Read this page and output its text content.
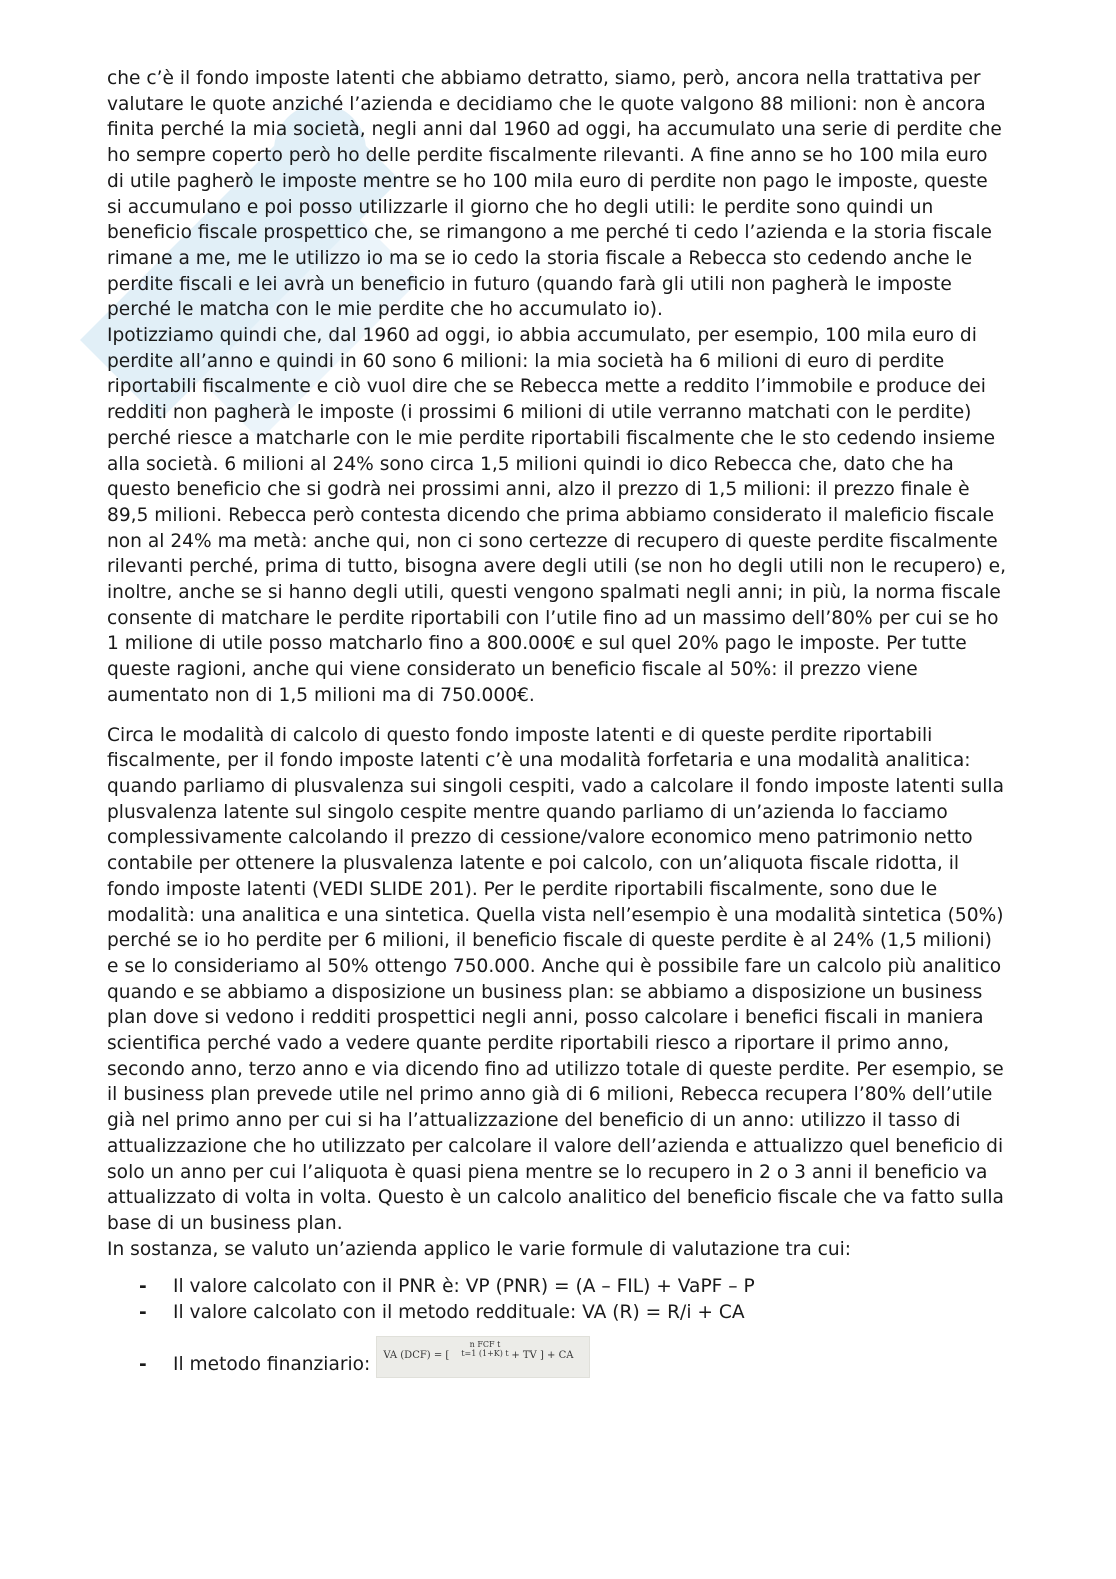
che c’è il fondo imposte latenti che abbiamo detratto, siamo, però, ancora nella trattativa per valutare le quote anziché l’azienda e decidiamo che le quote valgono 88 milioni: non è ancora finita perché la mia società, negli anni dal 1960 ad oggi, ha accumulato una serie di perdite che ho sempre coperto però ho delle perdite fiscalmente rilevanti. A fine anno se ho 100 mila euro di utile pagherò le imposte mentre se ho 100 mila euro di perdite non pago le imposte, queste si accumulano e poi posso utilizzarle il giorno che ho degli utili: le perdite sono quindi un beneficio fiscale prospettico che, se rimangono a me perché ti cedo l’azienda e la storia fiscale rimane a me, me le utilizzo io ma se io cedo la storia fiscale a Rebecca sto cedendo anche le perdite fiscali e lei avrà un beneficio in futuro (quando farà gli utili non pagherà le imposte perché le matcha con le mie perdite che ho accumulato io).

Ipotizziamo quindi che, dal 1960 ad oggi, io abbia accumulato, per esempio, 100 mila euro di perdite all’anno e quindi in 60 sono 6 milioni: la mia società ha 6 milioni di euro di perdite riportabili fiscalmente e ciò vuol dire che se Rebecca mette a reddito l’immobile e produce dei redditi non pagherà le imposte (i prossimi 6 milioni di utile verranno matchati con le perdite) perché riesce a matcharle con le mie perdite riportabili fiscalmente che le sto cedendo insieme alla società. 6 milioni al 24% sono circa 1,5 milioni quindi io dico Rebecca che, dato che ha questo beneficio che si godrà nei prossimi anni, alzo il prezzo di 1,5 milioni: il prezzo finale è 89,5 milioni. Rebecca però contesta dicendo che prima abbiamo considerato il maleficio fiscale non al 24% ma metà: anche qui, non ci sono certezze di recupero di queste perdite fiscalmente rilevanti perché, prima di tutto, bisogna avere degli utili (se non ho degli utili non le recupero) e, inoltre, anche se si hanno degli utili, questi vengono spalmati negli anni; in più, la norma fiscale consente di matchare le perdite riportabili con l’utile fino ad un massimo dell’80% per cui se ho 1 milione di utile posso matcharlo fino a 800.000€ e sul quel 20% pago le imposte. Per tutte queste ragioni, anche qui viene considerato un beneficio fiscale al 50%: il prezzo viene aumentato non di 1,5 milioni ma di 750.000€.

Circa le modalità di calcolo di questo fondo imposte latenti e di queste perdite riportabili fiscalmente, per il fondo imposte latenti c’è una modalità forfetaria e una modalità analitica: quando parliamo di plusvalenza sui singoli cespiti, vado a calcolare il fondo imposte latenti sulla plusvalenza latente sul singolo cespite mentre quando parliamo di un’azienda lo facciamo complessivamente calcolando il prezzo di cessione/valore economico meno patrimonio netto contabile per ottenere la plusvalenza latente e poi calcolo, con un’aliquota fiscale ridotta, il fondo imposte latenti (VEDI SLIDE 201). Per le perdite riportabili fiscalmente, sono due le modalità: una analitica e una sintetica. Quella vista nell’esempio è una modalità sintetica (50%) perché se io ho perdite per 6 milioni, il beneficio fiscale di queste perdite è al 24% (1,5 milioni) e se lo consideriamo al 50% ottengo 750.000. Anche qui è possibile fare un calcolo più analitico quando e se abbiamo a disposizione un business plan: se abbiamo a disposizione un business plan dove si vedono i redditi prospettici negli anni, posso calcolare i benefici fiscali in maniera scientifica perché vado a vedere quante perdite riportabili riesco a riportare il primo anno, secondo anno, terzo anno e via dicendo fino ad utilizzo totale di queste perdite. Per esempio, se il business plan prevede utile nel primo anno già di 6 milioni, Rebecca recupera l’80% dell’utile già nel primo anno per cui si ha l’attualizzazione del beneficio di un anno: utilizzo il tasso di attualizzazione che ho utilizzato per calcolare il valore dell’azienda e attualizzo quel beneficio di solo un anno per cui l’aliquota è quasi piena mentre se lo recupero in 2 o 3 anni il beneficio va attualizzato di volta in volta. Questo è un calcolo analitico del beneficio fiscale che va fatto sulla base di un business plan.

In sostanza, se valuto un’azienda applico le varie formule di valutazione tra cui:

- Il valore calcolato con il PNR è: VP (PNR) = (A – FIL) + VaPF – P
- Il valore calcolato con il metodo reddituale: VA (R) = R/i + CA
- Il metodo finanziario: VA (DCF) = [
n FCF t
t=1 (1+K) t + TV ] + CA
